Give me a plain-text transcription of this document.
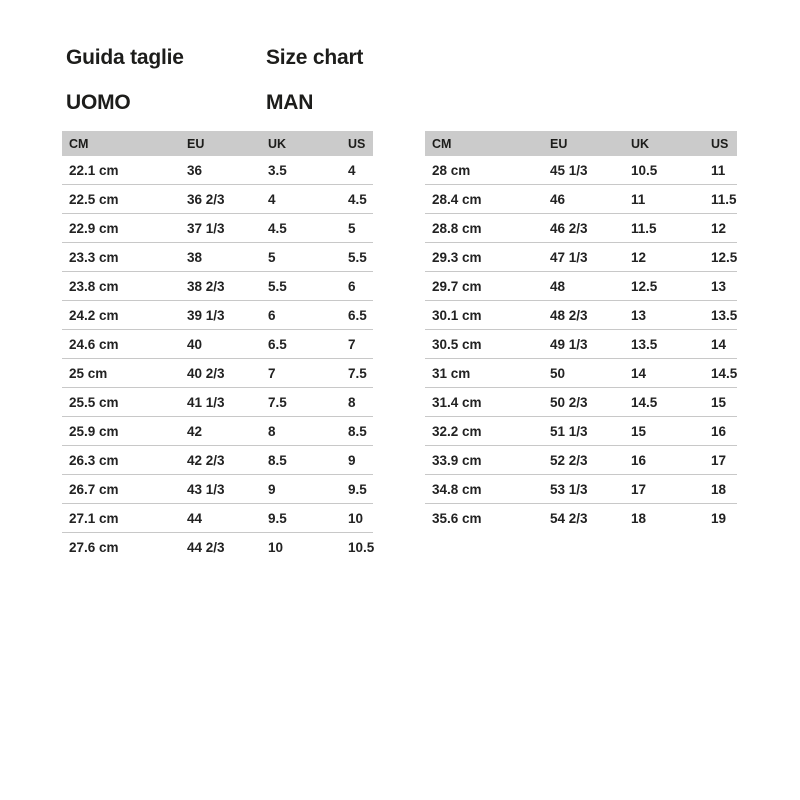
Guida taglie	Size chart
UOMO	MAN
CM	EU	UK	US
22.1 cm	36	3.5	4
22.5 cm	36 2/3	4	4.5
22.9 cm	37 1/3	4.5	5
23.3 cm	38	5	5.5
23.8 cm	38 2/3	5.5	6
24.2 cm	39 1/3	6	6.5
24.6 cm	40	6.5	7
25 cm	40 2/3	7	7.5
25.5 cm	41 1/3	7.5	8
25.9 cm	42	8	8.5
26.3 cm	42 2/3	8.5	9
26.7 cm	43 1/3	9	9.5
27.1 cm	44	9.5	10
27.6 cm	44 2/3	10	10.5
CM	EU	UK	US
28 cm	45 1/3	10.5	11
28.4 cm	46	11	11.5
28.8 cm	46 2/3	11.5	12
29.3 cm	47 1/3	12	12.5
29.7 cm	48	12.5	13
30.1 cm	48 2/3	13	13.5
30.5 cm	49 1/3	13.5	14
31 cm	50	14	14.5
31.4 cm	50 2/3	14.5	15
32.2 cm	51 1/3	15	16
33.9 cm	52 2/3	16	17
34.8 cm	53 1/3	17	18
35.6 cm	54 2/3	18	19
